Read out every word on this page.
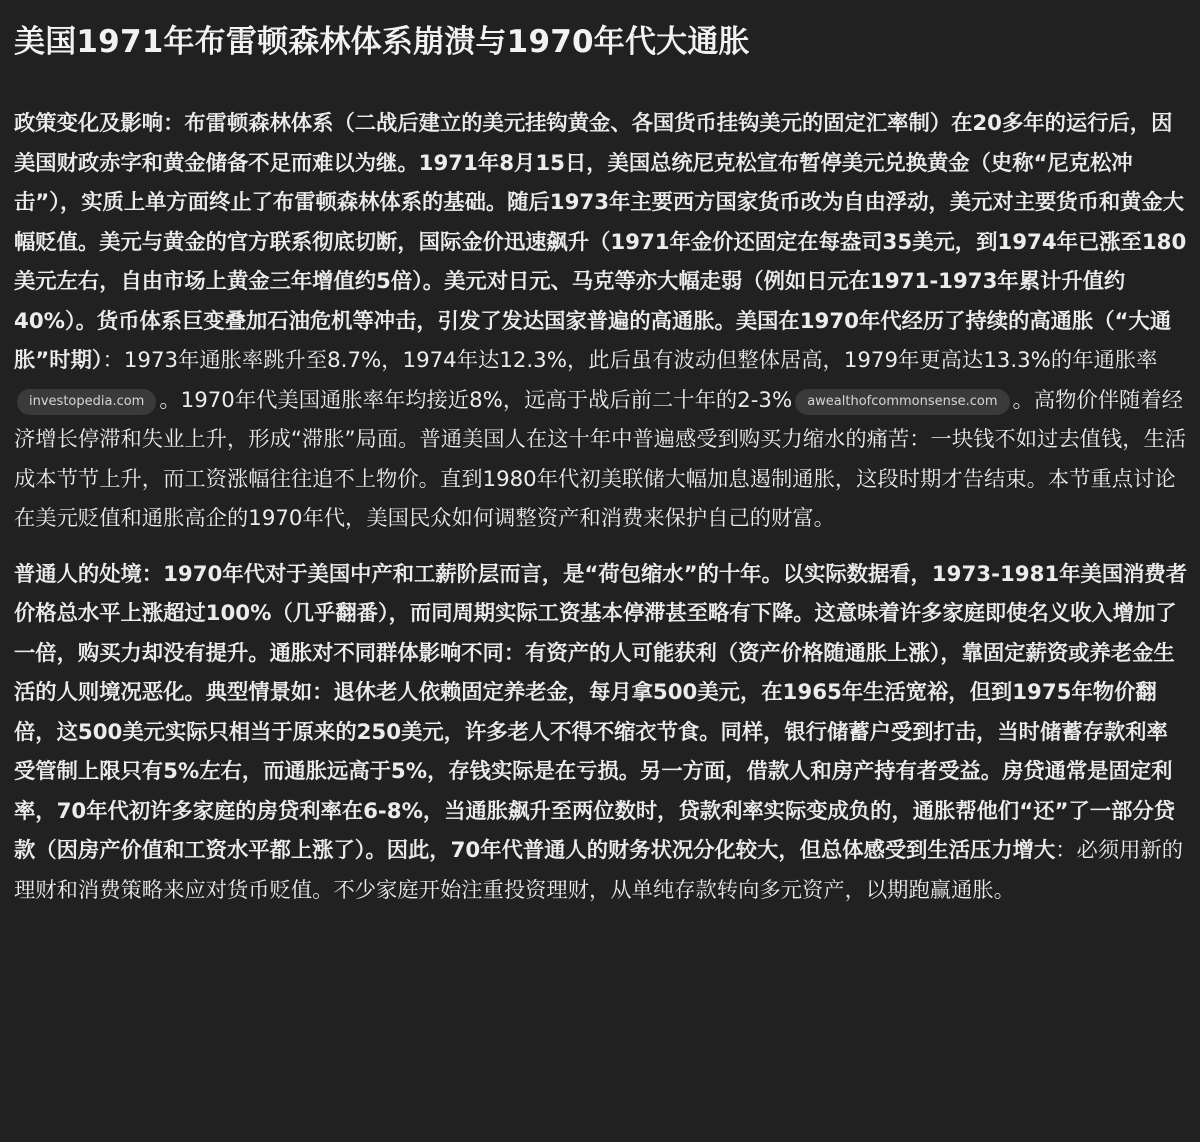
美国1971年布雷顿森林体系崩溃与1970年代大通胀

政策变化及影响：布雷顿森林体系（二战后建立的美元挂钩黄金、各国货币挂钩美元的固定汇率制）在20多年的运行后，因美国财政赤字和黄金储备不足而难以为继。1971年8月15日，美国总统尼克松宣布暂停美元兑换黄金（史称“尼克松冲击”），实质上单方面终止了布雷顿森林体系的基础。随后1973年主要西方国家货币改为自由浮动，美元对主要货币和黄金大幅贬值。美元与黄金的官方联系彻底切断，国际金价迅速飙升（1971年金价还固定在每盎司35美元，到1974年已涨至180美元左右，自由市场上黄金三年增值约5倍）。美元对日元、马克等亦大幅走弱（例如日元在1971-1973年累计升值约40%）。货币体系巨变叠加石油危机等冲击，引发了发达国家普遍的高通胀。美国在1970年代经历了持续的高通胀（“大通胀”时期）：1973年通胀率跳升至8.7%，1974年达12.3%，此后虽有波动但整体居高，1979年更高达13.3%的年通胀率investopedia.com 。1970年代美国通胀率年均接近8%，远高于战后前二十年的2-3% awealthofcommonsense.com 。高物价伴随着经济增长停滞和失业上升，形成“滞胀”局面。普通美国人在这十年中普遍感受到购买力缩水的痛苦：一块钱不如过去值钱，生活成本节节上升，而工资涨幅往往追不上物价。直到1980年代初美联储大幅加息遏制通胀，这段时期才告结束。本节重点讨论在美元贬值和通胀高企的1970年代，美国民众如何调整资产和消费来保护自己的财富。

普通人的处境：1970年代对于美国中产和工薪阶层而言，是“荷包缩水”的十年。以实际数据看，1973-1981年美国消费者价格总水平上涨超过100%（几乎翻番），而同周期实际工资基本停滞甚至略有下降。这意味着许多家庭即使名义收入增加了一倍，购买力却没有提升。通胀对不同群体影响不同：有资产的人可能获利（资产价格随通胀上涨），靠固定薪资或养老金生活的人则境况恶化。典型情景如：退休老人依赖固定养老金，每月拿500美元，在1965年生活宽裕，但到1975年物价翻倍，这500美元实际只相当于原来的250美元，许多老人不得不缩衣节食。同样，银行储蓄户受到打击，当时储蓄存款利率受管制上限只有5%左右，而通胀远高于5%，存钱实际是在亏损。另一方面，借款人和房产持有者受益。房贷通常是固定利率，70年代初许多家庭的房贷利率在6-8%，当通胀飙升至两位数时，贷款利率实际变成负的，通胀帮他们“还”了一部分贷款（因房产价值和工资水平都上涨了）。因此，70年代普通人的财务状况分化较大，但总体感受到生活压力增大：必须用新的理财和消费策略来应对货币贬值。不少家庭开始注重投资理财，从单纯存款转向多元资产，以期跑赢通胀。
